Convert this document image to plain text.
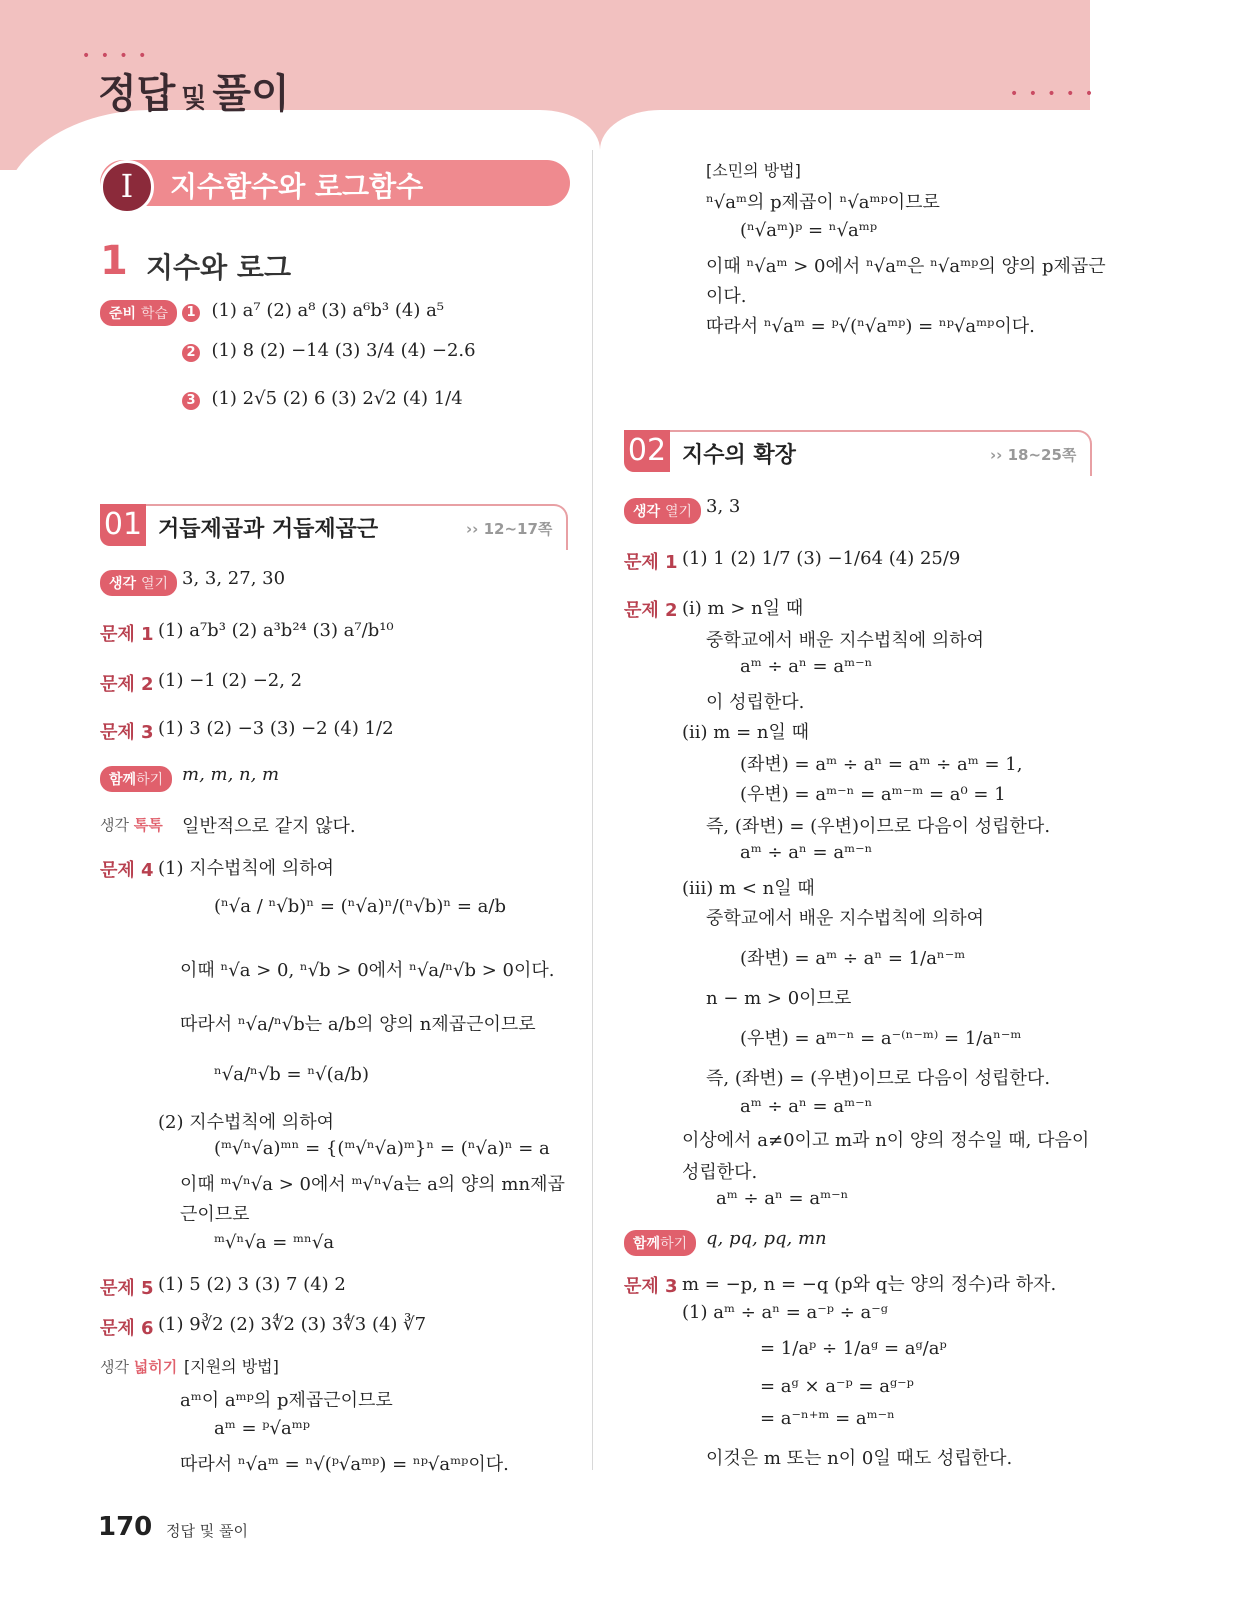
• • • •
• • • • •
정답 및 풀이
I	지수함수와 로그함수
1 지수와 로그
준비 학습	1 (1) a⁷ (2) a⁸ (3) a⁶b³ (4) a⁵
2 (1) 8 (2) −14 (3) 3/4 (4) −2.6
3 (1) 2√5 (2) 6 (3) 2√2 (4) 1/4
01 거듭제곱과 거듭제곱근	›› 12~17쪽
생각 열기 3, 3, 27, 30
문제 1 (1) a⁷b³ (2) a³b²⁴ (3) a⁷/b¹⁰
문제 2 (1) −1 (2) −2, 2
문제 3 (1) 3 (2) −3 (3) −2 (4) 1/2
함께하기	m, m, n, m
생각 톡톡 일반적으로 같지 않다.
문제 4 (1) 지수법칙에 의하여
(ⁿ√a / ⁿ√b)ⁿ = (ⁿ√a)ⁿ/(ⁿ√b)ⁿ = a/b
이때 ⁿ√a > 0, ⁿ√b > 0에서 ⁿ√a/ⁿ√b > 0이다.
따라서 ⁿ√a/ⁿ√b는 a/b의 양의 n제곱근이므로
ⁿ√a/ⁿ√b = ⁿ√(a/b)
(2) 지수법칙에 의하여
(ᵐ√ⁿ√a)ᵐⁿ = {(ᵐ√ⁿ√a)ᵐ}ⁿ = (ⁿ√a)ⁿ = a
이때 ᵐ√ⁿ√a > 0에서 ᵐ√ⁿ√a는 a의 양의 mn제곱
근이므로
ᵐ√ⁿ√a = ᵐⁿ√a
문제 5 (1) 5 (2) 3 (3) 7 (4) 2
문제 6 (1) 9∛2 (2) 3∜2 (3) 3∜3 (4) ∛7
생각 넓히기 [지원의 방법]
aᵐ이 aᵐᵖ의 p제곱근이므로
aᵐ = ᵖ√aᵐᵖ
따라서 ⁿ√aᵐ = ⁿ√(ᵖ√aᵐᵖ) = ⁿᵖ√aᵐᵖ이다.
[소민의 방법]
ⁿ√aᵐ의 p제곱이 ⁿ√aᵐᵖ이므로
(ⁿ√aᵐ)ᵖ = ⁿ√aᵐᵖ
이때 ⁿ√aᵐ > 0에서 ⁿ√aᵐ은 ⁿ√aᵐᵖ의 양의 p제곱근
이다.
따라서 ⁿ√aᵐ = ᵖ√(ⁿ√aᵐᵖ) = ⁿᵖ√aᵐᵖ이다.
02 지수의 확장	›› 18~25쪽
생각 열기 3, 3
문제 1 (1) 1 (2) 1/7 (3) −1/64 (4) 25/9
문제 2 (i) m > n일 때
중학교에서 배운 지수법칙에 의하여
aᵐ ÷ aⁿ = aᵐ⁻ⁿ
이 성립한다.
(ii) m = n일 때
(좌변) = aᵐ ÷ aⁿ = aᵐ ÷ aᵐ = 1,
(우변) = aᵐ⁻ⁿ = aᵐ⁻ᵐ = a⁰ = 1
즉, (좌변) = (우변)이므로 다음이 성립한다.
aᵐ ÷ aⁿ = aᵐ⁻ⁿ
(iii) m < n일 때
중학교에서 배운 지수법칙에 의하여
(좌변) = aᵐ ÷ aⁿ = 1/aⁿ⁻ᵐ
n − m > 0이므로
(우변) = aᵐ⁻ⁿ = a⁻⁽ⁿ⁻ᵐ⁾ = 1/aⁿ⁻ᵐ
즉, (좌변) = (우변)이므로 다음이 성립한다.
aᵐ ÷ aⁿ = aᵐ⁻ⁿ
이상에서 a≠0이고 m과 n이 양의 정수일 때, 다음이
성립한다.
aᵐ ÷ aⁿ = aᵐ⁻ⁿ
함께하기	q, pq, pq, mn
문제 3 m = −p, n = −q (p와 q는 양의 정수)라 하자.
(1) aᵐ ÷ aⁿ = a⁻ᵖ ÷ a⁻ᵍ
= 1/aᵖ ÷ 1/aᵍ = aᵍ/aᵖ
= aᵍ × a⁻ᵖ = aᵍ⁻ᵖ
= a⁻ⁿ⁺ᵐ = aᵐ⁻ⁿ
이것은 m 또는 n이 0일 때도 성립한다.
170 정답 및 풀이
